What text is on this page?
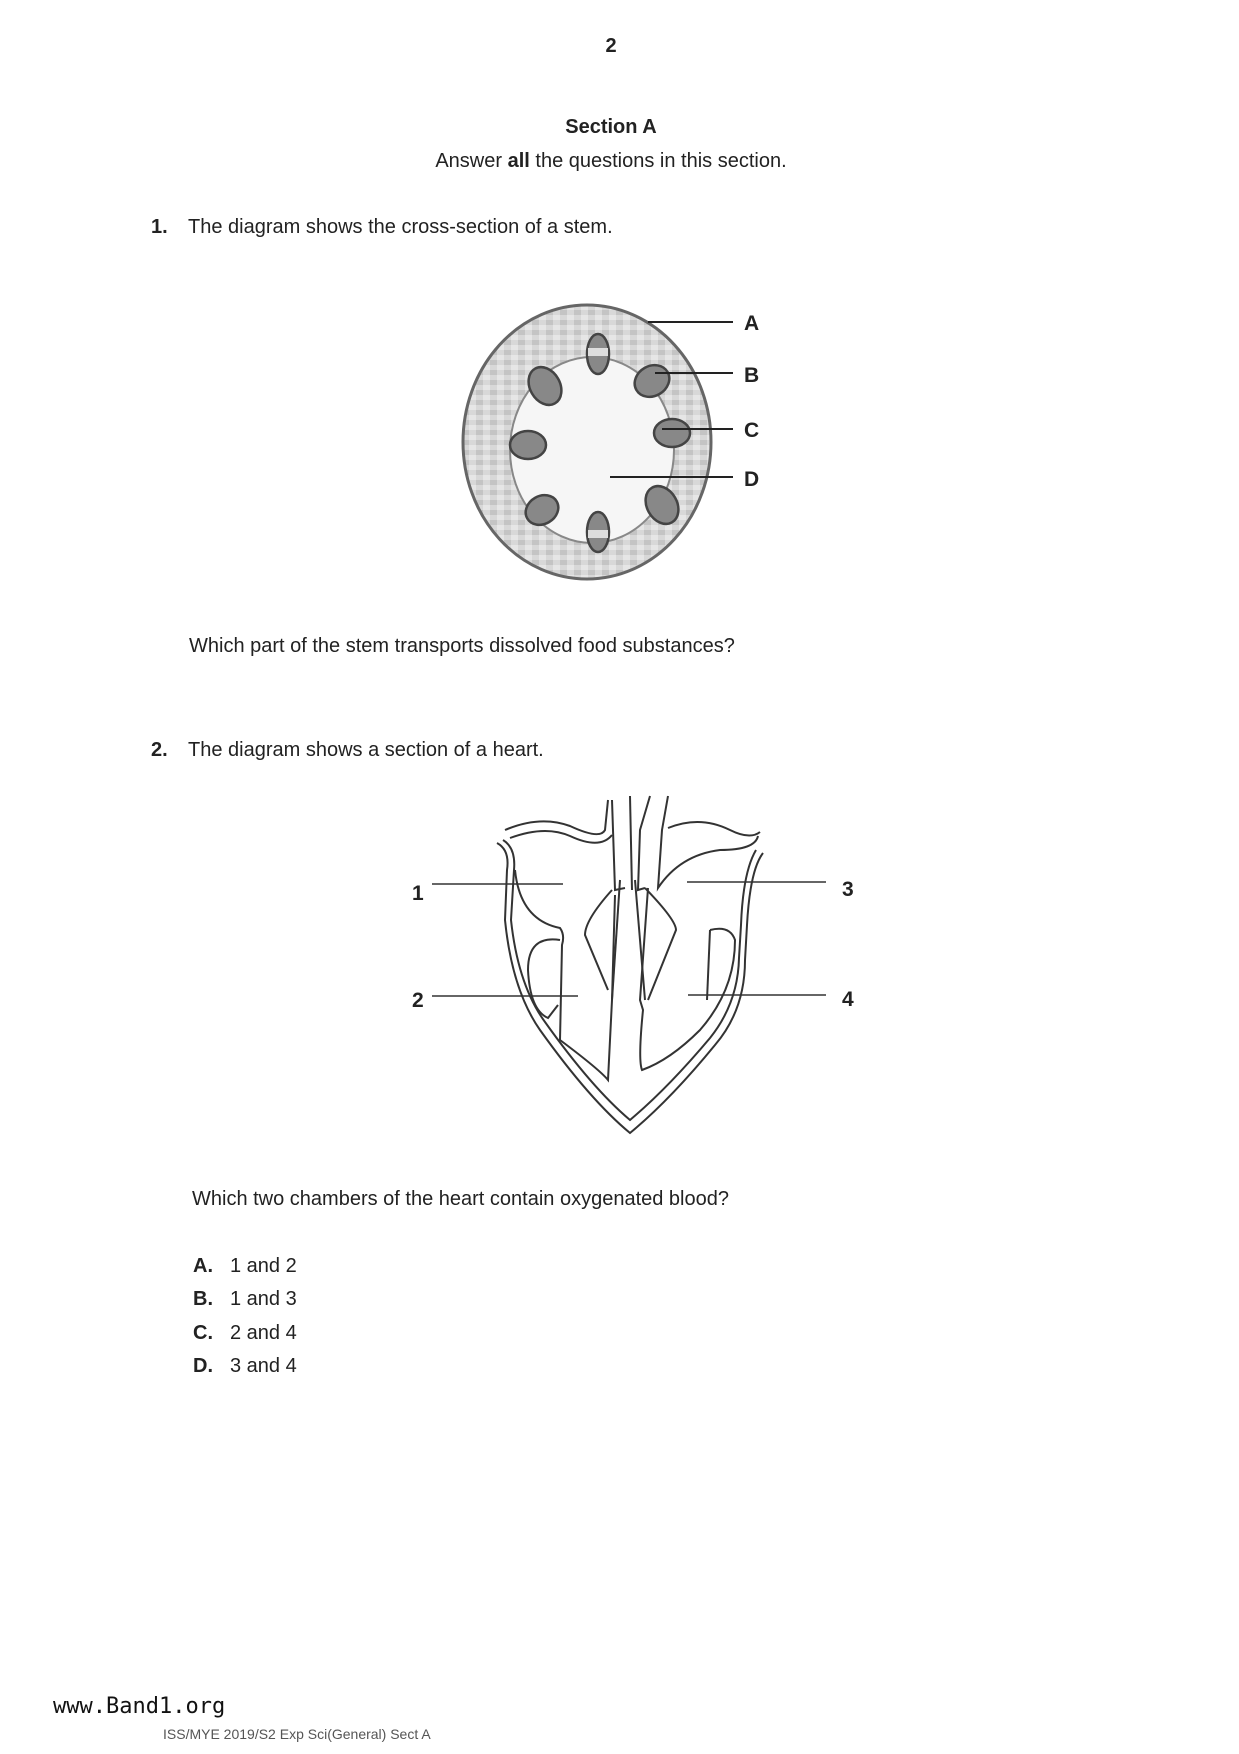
2
Section A
Answer all the questions in this section.
1. The diagram shows the cross-section of a stem.
A
B
C
D
1
2
3
4
Which part of the stem transports dissolved food substances?
2. The diagram shows a section of a heart.
Which two chambers of the heart contain oxygenated blood?
A. 1 and 2
B. 1 and 3
C. 2 and 4
D. 3 and 4
www.Band1.org
ISS/MYE 2019/S2 Exp Sci(General) Sect A
